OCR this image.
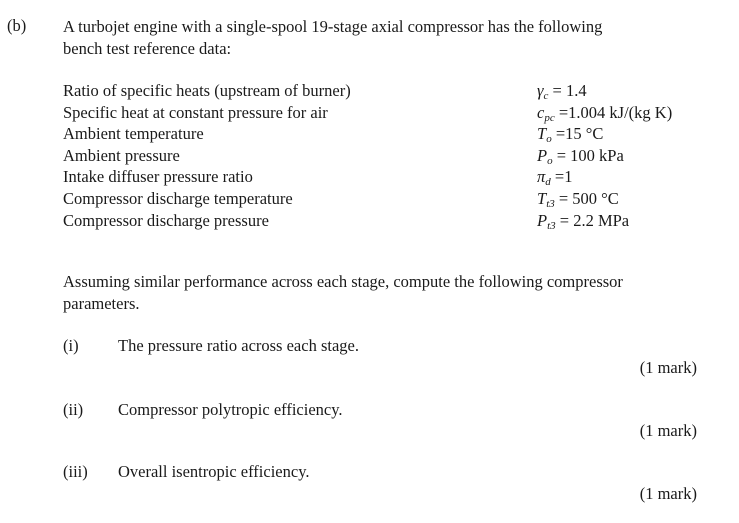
(b) A turbojet engine with a single-spool 19-stage axial compressor has the following
bench test reference data:
Ratio of specific heats (upstream of burner)	$\gamma_c = 1.4$
Specific heat at constant pressure for air	$c_{pc} =1.004$ kJ/(kg K)
Ambient temperature	$T_o =15$ °C
Ambient pressure	$P_o = 100$ kPa
Intake diffuser pressure ratio	$\pi_d =1$
Compressor discharge temperature	$T_{t3} = 500$ °C
Compressor discharge pressure	$P_{t3} = 2.2$ MPa
Assuming similar performance across each stage, compute the following compressor
parameters.
(i) The pressure ratio across each stage.
(1 mark)
(ii) Compressor polytropic efficiency.
(1 mark)
(iii) Overall isentropic efficiency.
(1 mark)
